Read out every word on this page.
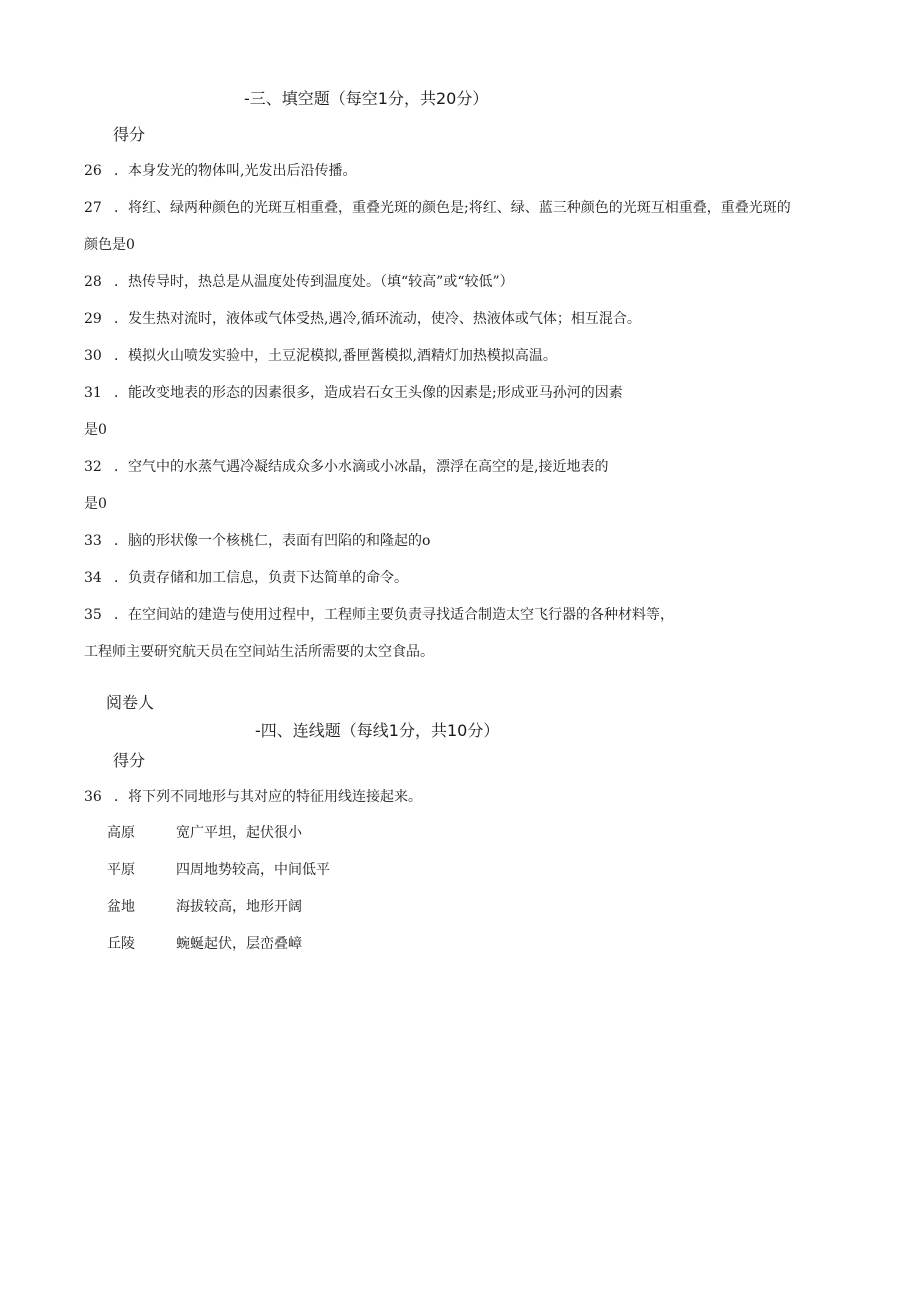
-三、填空题（每空1分，共20分）
得分
26 ．本身发光的物体叫,光发出后沿传播。
27 ．将红、绿两种颜色的光斑互相重叠，重叠光斑的颜色是;将红、绿、蓝三种颜色的光斑互相重叠，重叠光斑的
颜色是0
28 ．热传导时，热总是从温度处传到温度处。（填“较高”或“较低”）
29 ．发生热对流时，液体或气体受热,遇冷,循环流动，使冷、热液体或气体；相互混合。
30 ．模拟火山喷发实验中，土豆泥模拟,番匣酱模拟,酒精灯加热模拟高温。
31 ．能改变地表的形态的因素很多，造成岩石女王头像的因素是;形成亚马孙河的因素
是0
32 ．空气中的水蒸气遇冷凝结成众多小水滴或小冰晶，漂浮在高空的是,接近地表的
是0
33 ．脑的形状像一个核桃仁，表面有凹陷的和隆起的o
34 ．负责存储和加工信息，负责下达简单的命令。
35 ．在空间站的建造与使用过程中，工程师主要负责寻找适合制造太空飞行器的各种材料等，
工程师主要研究航天员在空间站生活所需要的太空食品。
阅卷人
-四、连线题（每线1分，共10分）
得分
36 ．将下列不同地形与其对应的特征用线连接起来。
高原	宽广平坦，起伏很小
平原	四周地势较高，中间低平
盆地	海拔较高，地形开阔
丘陵	蜿蜒起伏，层峦叠嶂
